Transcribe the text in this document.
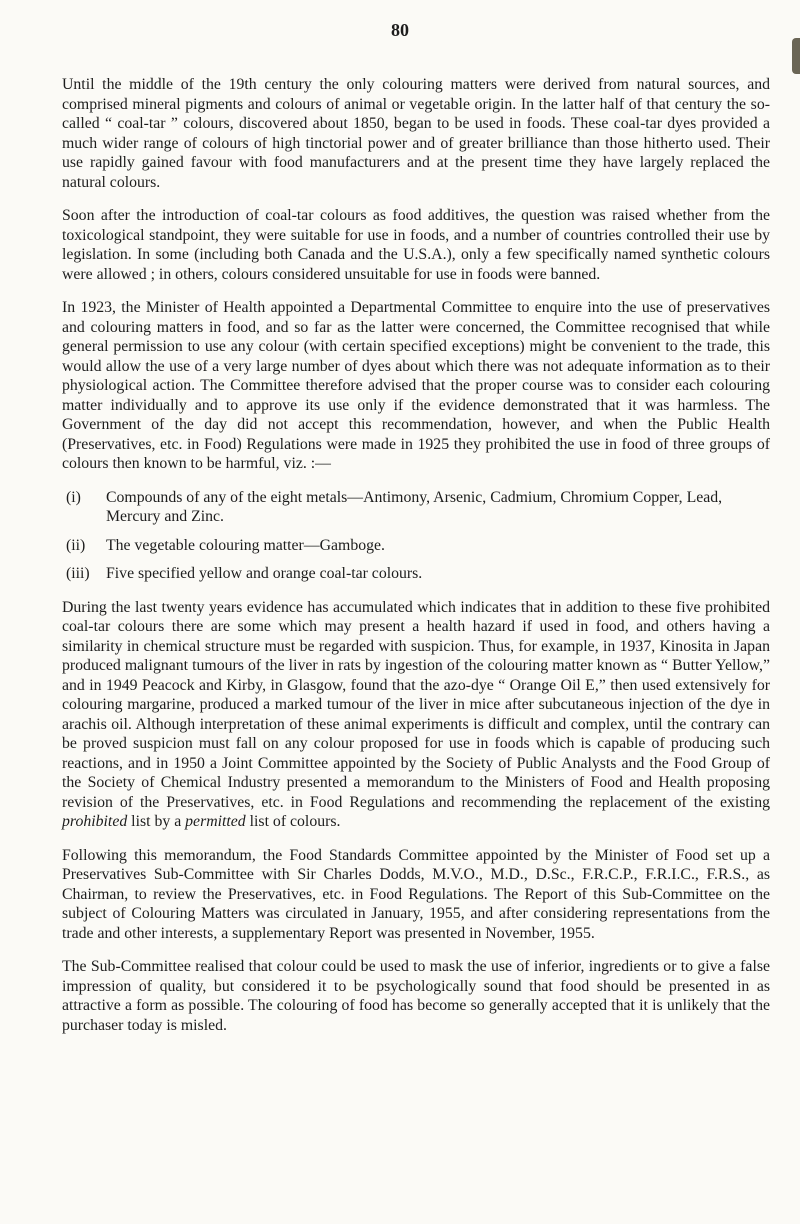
80

Until the middle of the 19th century the only colouring matters were derived from natural sources, and comprised mineral pigments and colours of animal or vegetable origin. In the latter half of that century the so-called “ coal-tar ” colours, discovered about 1850, began to be used in foods. These coal-tar dyes provided a much wider range of colours of high tinctorial power and of greater brilliance than those hitherto used. Their use rapidly gained favour with food manufacturers and at the present time they have largely replaced the natural colours.

Soon after the introduction of coal-tar colours as food additives, the question was raised whether from the toxicological standpoint, they were suitable for use in foods, and a number of countries controlled their use by legislation. In some (including both Canada and the U.S.A.), only a few specifically named synthetic colours were allowed ; in others, colours considered unsuitable for use in foods were banned.

In 1923, the Minister of Health appointed a Departmental Committee to enquire into the use of preservatives and colouring matters in food, and so far as the latter were concerned, the Committee recognised that while general permission to use any colour (with certain specified exceptions) might be convenient to the trade, this would allow the use of a very large number of dyes about which there was not adequate information as to their physiological action. The Committee therefore advised that the proper course was to consider each colouring matter individually and to approve its use only if the evidence demonstrated that it was harmless. The Government of the day did not accept this recommendation, however, and when the Public Health (Preservatives, etc. in Food) Regulations were made in 1925 they prohibited the use in food of three groups of colours then known to be harmful, viz. :—

(i)	Compounds of any of the eight metals—Antimony, Arsenic, Cadmium, Chromium Copper, Lead, Mercury and Zinc.
(ii)	The vegetable colouring matter—Gamboge.
(iii)	Five specified yellow and orange coal-tar colours.

During the last twenty years evidence has accumulated which indicates that in addition to these five prohibited coal-tar colours there are some which may present a health hazard if used in food, and others having a similarity in chemical structure must be regarded with suspicion. Thus, for example, in 1937, Kinosita in Japan produced malignant tumours of the liver in rats by ingestion of the colouring matter known as “ Butter Yellow,” and in 1949 Peacock and Kirby, in Glasgow, found that the azo-dye “ Orange Oil E,” then used extensively for colouring margarine, produced a marked tumour of the liver in mice after subcutaneous injection of the dye in arachis oil. Although interpretation of these animal experiments is difficult and complex, until the contrary can be proved suspicion must fall on any colour proposed for use in foods which is capable of producing such reactions, and in 1950 a Joint Committee appointed by the Society of Public Analysts and the Food Group of the Society of Chemical Industry presented a memorandum to the Ministers of Food and Health proposing revision of the Preservatives, etc. in Food Regulations and recommending the replacement of the existing prohibited list by a permitted list of colours.

Following this memorandum, the Food Standards Committee appointed by the Minister of Food set up a Preservatives Sub-Committee with Sir Charles Dodds, M.V.O., M.D., D.Sc., F.R.C.P., F.R.I.C., F.R.S., as Chairman, to review the Preservatives, etc. in Food Regulations. The Report of this Sub-Committee on the subject of Colouring Matters was circulated in January, 1955, and after considering representations from the trade and other interests, a supplementary Report was presented in November, 1955.

The Sub-Committee realised that colour could be used to mask the use of inferior, ingredients or to give a false impression of quality, but considered it to be psychologically sound that food should be presented in as attractive a form as possible. The colouring of food has become so generally accepted that it is unlikely that the purchaser today is misled.
